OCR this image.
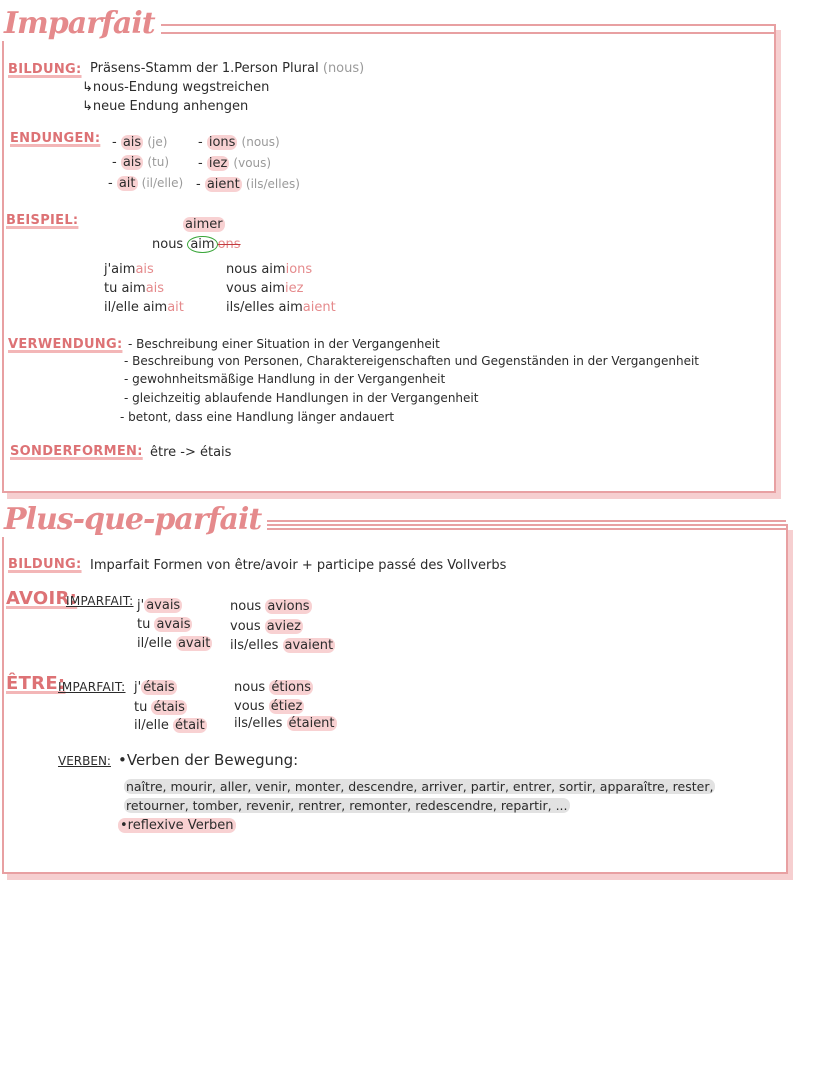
Imparfait
BILDUNG: Präsens-Stamm der 1.Person Plural (nous)
↳nous-Endung wegstreichen
↳neue Endung anhengen
ENDUNGEN: - ais (je)
- ais (tu)
- ait (il/elle)
- ions (nous)
- iez (vous)
- aient (ils/elles)
BEISPIEL:	aimer
nous aim ons
j'aimais
tu aimais
il/elle aimait
nous aimions
vous aimiez
ils/elles aimaient
VERWENDUNG: - Beschreibung einer Situation in der Vergangenheit
- Beschreibung von Personen, Charaktereigenschaften und Gegenständen in der Vergangenheit
- gewohnheitsmäßige Handlung in der Vergangenheit
- gleichzeitig ablaufende Handlungen in der Vergangenheit
- betont, dass eine Handlung länger andauert
SONDERFORMEN: être -> étais
Plus-que-parfait
BILDUNG: Imparfait Formen von être/avoir + participe passé des Vollverbs
AVOIR:
IMPARFAIT: j' avais
tu avais
il/elle avait
nous avions
vous aviez
ils/elles avaient
ÊTRE:
IMPARFAIT: j' étais
tu étais
il/elle était
nous étions
vous étiez
ils/elles étaient
VERBEN: •Verben der Bewegung:
naître, mourir, aller, venir, monter, descendre, arriver, partir, entrer, sortir, apparaître, rester,
retourner, tomber, revenir, rentrer, remonter, redescendre, repartir, ...
•reflexive Verben
